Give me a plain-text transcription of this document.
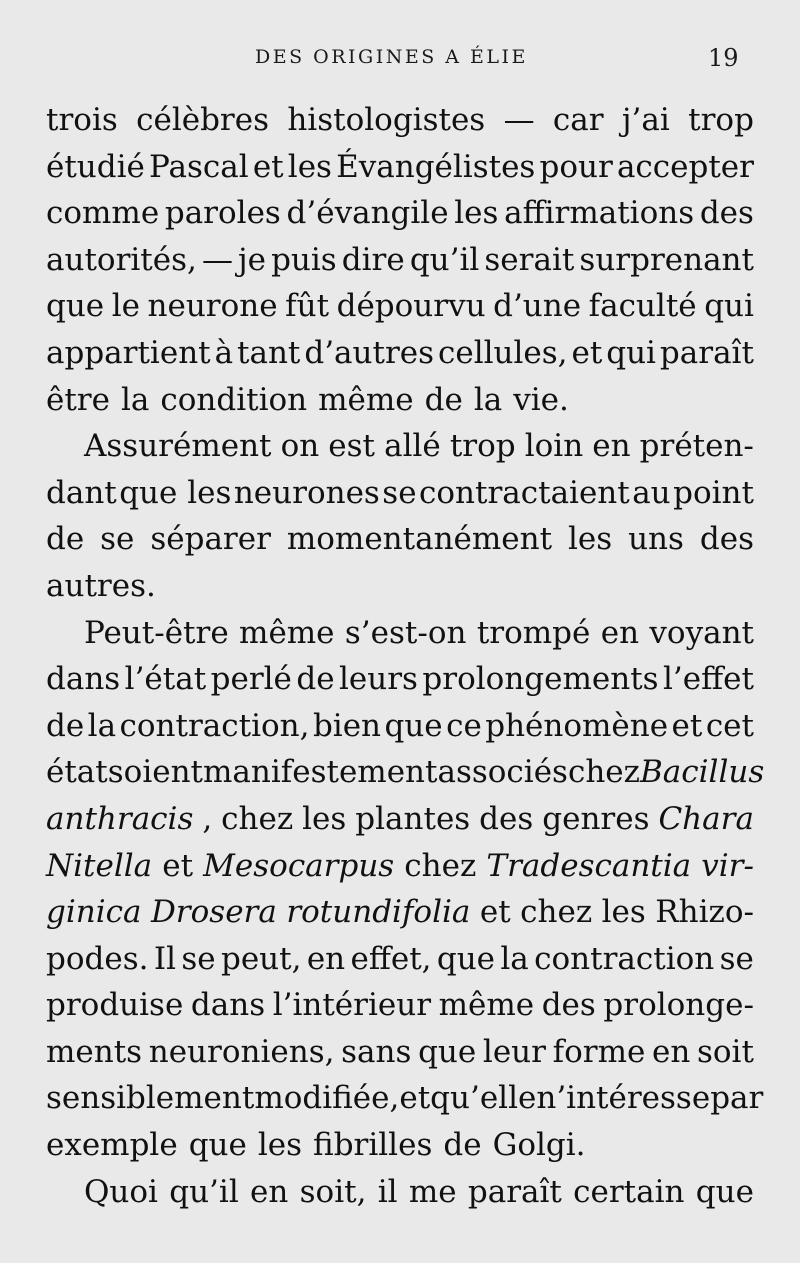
DES ORIGINES A ÉLIE	19
trois célèbres histologistes — car j’ai trop
étudié Pascal et les Évangélistes pour accepter
comme paroles d’évangile les affirmations des
autorités, — je puis dire qu’il serait surprenant
que le neurone fût dépourvu d’une faculté qui
appartient à tant d’autres cellules, et qui paraît
être la condition même de la vie.
Assurément on est allé trop loin en préten-
dant que les neurones se contractaient au point
de se séparer momentanément les uns des
autres.
Peut-être même s’est-on trompé en voyant
dans l’état perlé de leurs prolongements l’effet
de la contraction, bien que ce phénomène et cet
état soient manifestement associés chez Bacillus
anthracis , chez les plantes des genres Chara
Nitella et Mesocarpus chez Tradescantia vir-
ginica Drosera rotundifolia et chez les Rhizo-
podes. Il se peut, en effet, que la contraction se
produise dans l’intérieur même des prolonge-
ments neuroniens, sans que leur forme en soit
sensiblement modifiée, et qu’elle n’intéresse par
exemple que les fibrilles de Golgi.
Quoi qu’il en soit, il me paraît certain que
